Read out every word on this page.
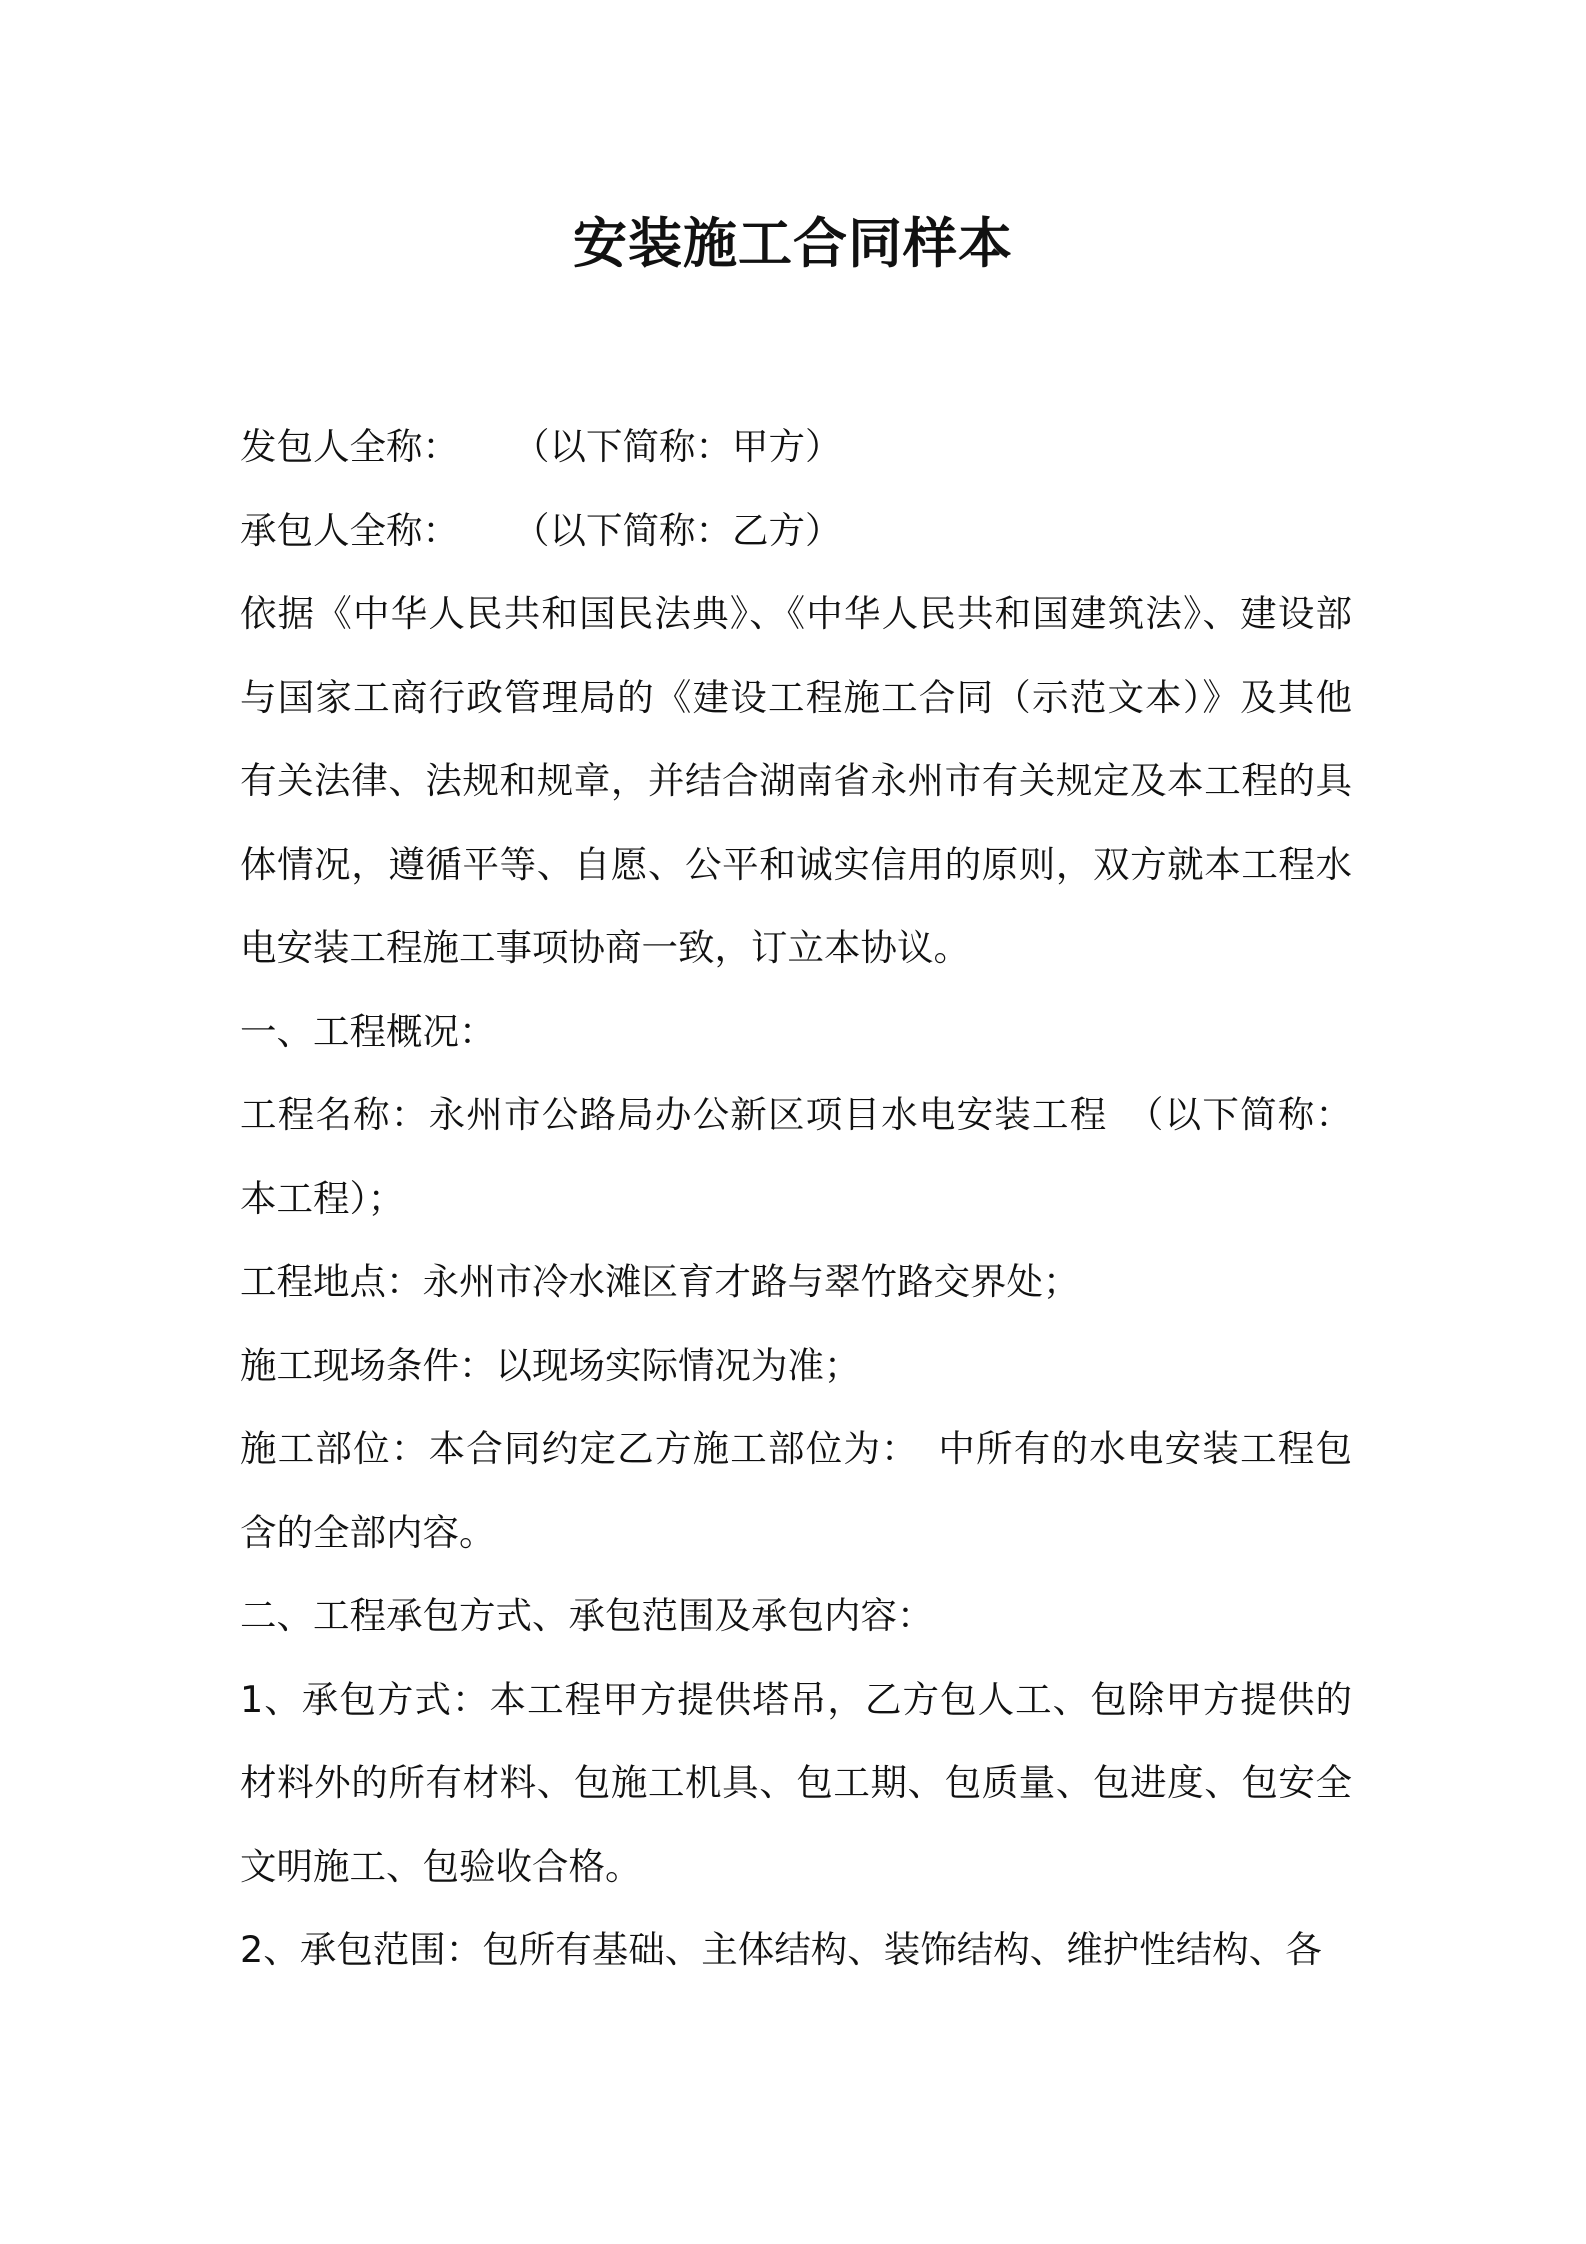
安装施工合同样本

发包人全称： （以下简称：甲方）

承包人全称： （以下简称：乙方）

依据《中华人民共和国民法典》、《中华人民共和国建筑法》、建设部与国家工商行政管理局的《建设工程施工合同（示范文本）》及其他有关法律、法规和规章，并结合湖南省永州市有关规定及本工程的具体情况，遵循平等、自愿、公平和诚实信用的原则，双方就本工程水电安装工程施工事项协商一致，订立本协议。

一、工程概况：

工程名称：永州市公路局办公新区项目水电安装工程　（以下简称：本工程）；

工程地点：永州市冷水滩区育才路与翠竹路交界处；

施工现场条件：以现场实际情况为准；

施工部位：本合同约定乙方施工部位为：　中所有的水电安装工程包含的全部内容。

二、工程承包方式、承包范围及承包内容：

1、承包方式：本工程甲方提供塔吊，乙方包人工、包除甲方提供的材料外的所有材料、包施工机具、包工期、包质量、包进度、包安全文明施工、包验收合格。

2、承包范围：包所有基础、主体结构、装饰结构、维护性结构、各
